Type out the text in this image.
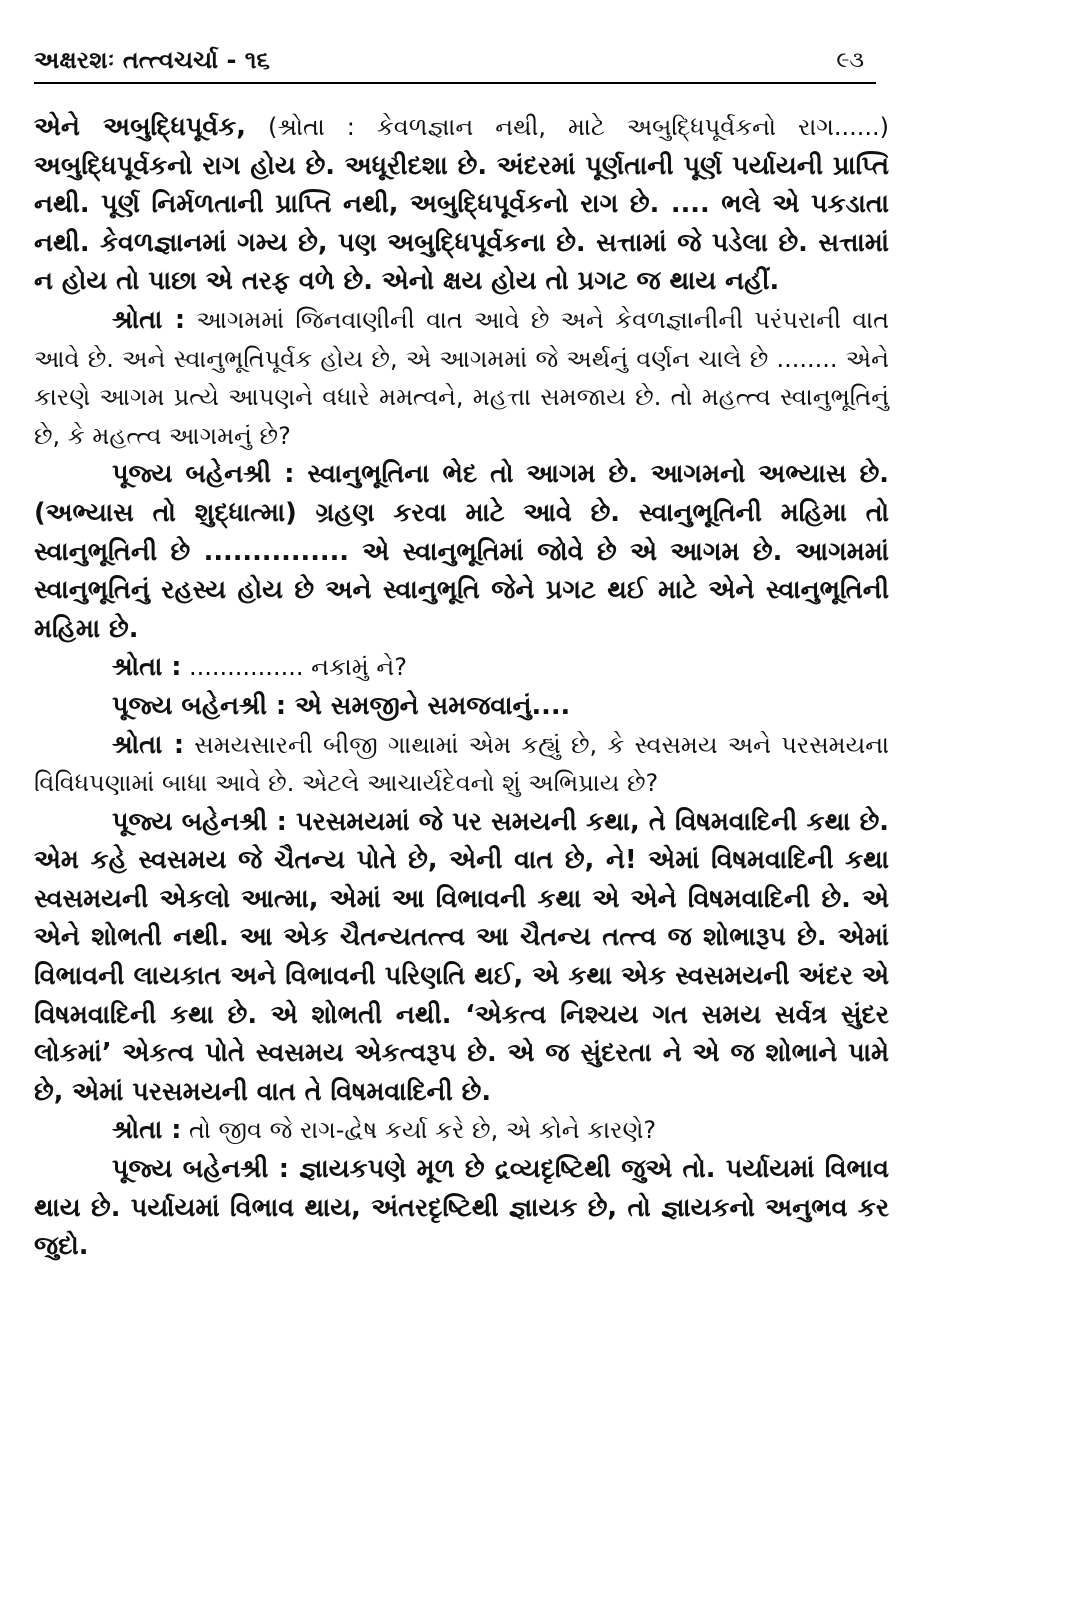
અક્ષરશઃ તત્ત્વચર્ચા - ૧૬	૯૩

એને અબુદ્ધિપૂર્વક, (શ્રોતા : કેવળજ્ઞાન નથી, માટે અબુદ્ધિપૂર્વકનો રાગ......) અબુદ્ધિપૂર્વકનો રાગ હોય છે. અધૂરીદશા છે. અંદરમાં પૂર્ણતાની પૂર્ણ પર્યાયની પ્રાપ્તિ નથી. પૂર્ણ નિર્મળતાની પ્રાપ્તિ નથી, અબુદ્ધિપૂર્વકનો રાગ છે. .... ભલે એ પકડાતા નથી. કેવળજ્ઞાનમાં ગમ્ય છે, પણ અબુદ્ધિપૂર્વકના છે. સત્તામાં જે પડેલા છે. સત્તામાં ન હોય તો પાછા એ તરફ વળે છે. એનો ક્ષય હોય તો પ્રગટ જ થાય નહીં.

શ્રોતા : આગમમાં જિનવાણીની વાત આવે છે અને કેવળજ્ઞાનીની પરંપરાની વાત આવે છે. અને સ્વાનુભૂતિપૂર્વક હોય છે, એ આગમમાં જે અર્થનું વર્ણન ચાલે છે ........ એને કારણે આગમ પ્રત્યે આપણને વધારે મમત્વને, મહત્તા સમજાય છે. તો મહત્ત્વ સ્વાનુભૂતિનું છે, કે મહત્ત્વ આગમનું છે?

પૂજ્ય બહેનશ્રી : સ્વાનુભૂતિના ભેદ તો આગમ છે. આગમનો અભ્યાસ છે. (અભ્યાસ તો શુદ્ધાત્મા) ગ્રહણ કરવા માટે આવે છે. સ્વાનુભૂતિની મહિમા તો સ્વાનુભૂતિની છે ............... એ સ્વાનુભૂતિમાં જોવે છે એ આગમ છે. આગમમાં સ્વાનુભૂતિનું રહસ્ય હોય છે અને સ્વાનુભૂતિ જેને પ્રગટ થઈ માટે એને સ્વાનુભૂતિની મહિમા છે.

શ્રોતા : ............... નકામું ને?

પૂજ્ય બહેનશ્રી : એ સમજીને સમજવાનું....

શ્રોતા : સમયસારની બીજી ગાથામાં એમ કહ્યું છે, કે સ્વસમય અને પરસમયના વિવિધપણામાં બાધા આવે છે. એટલે આચાર્યદેવનો શું અભિપ્રાય છે?

પૂજ્ય બહેનશ્રી : પરસમયમાં જે પર સમયની કથા, તે વિષમવાદિની કથા છે. એમ કહે સ્વસમય જે ચૈતન્ય પોતે છે, એની વાત છે, ને! એમાં વિષમવાદિની કથા સ્વસમયની એકલો આત્મા, એમાં આ વિભાવની કથા એ એને વિષમવાદિની છે. એ એને શોભતી નથી. આ એક ચૈતન્યતત્ત્વ આ ચૈતન્ય તત્ત્વ જ શોભારૂપ છે. એમાં વિભાવની લાયકાત અને વિભાવની પરિણતિ થઈ, એ કથા એક સ્વસમયની અંદર એ વિષમવાદિની કથા છે. એ શોભતી નથી. ‘એકત્વ નિશ્ચય ગત સમય સર્વત્ર સુંદર લોકમાં’ એકત્વ પોતે સ્વસમય એકત્વરૂપ છે. એ જ સુંદરતા ને એ જ શોભાને પામે છે, એમાં પરસમયની વાત તે વિષમવાદિની છે.

શ્રોતા : તો જીવ જે રાગ-દ્વેષ કર્યા કરે છે, એ કોને કારણે?

પૂજ્ય બહેનશ્રી : જ્ઞાયકપણે મૂળ છે દ્રવ્યદૃષ્ટિથી જુએ તો. પર્યાયમાં વિભાવ થાય છે. પર્યાયમાં વિભાવ થાય, અંતરદૃષ્ટિથી જ્ઞાયક છે, તો જ્ઞાયકનો અનુભવ કર જુદો.
